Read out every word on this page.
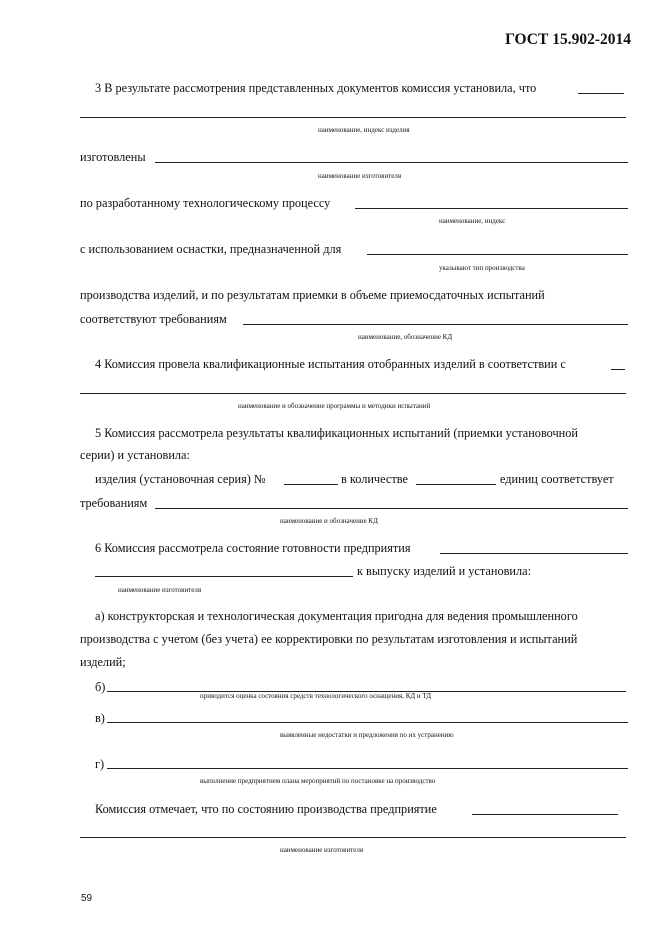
ГОСТ 15.902-2014
3 В результате рассмотрения представленных документов комиссия установила, что
наименование, индекс изделия
изготовлены
наименование изготовителя
по разработанному технологическому процессу
наименование, индекс
с использованием оснастки, предназначенной для
указывают тип производства
производства изделий, и по результатам приемки в объеме приемосдаточных испытаний
соответствуют требованиям
наименование, обозначение КД
4 Комиссия провела квалификационные испытания отобранных изделий в соответствии с
наименование и обозначение программы и методики испытаний
5 Комиссия рассмотрела результаты квалификационных испытаний (приемки установочной
серии) и установила:
изделия (установочная серия) №	в количестве	единиц соответствует
требованиям
наименование и обозначение КД
6 Комиссия рассмотрела состояние готовности предприятия
к выпуску изделий и установила:
наименование изготовителя
а) конструкторская и технологическая документация пригодна для ведения промышленного
производства с учетом (без учета) ее корректировки по результатам изготовления и испытаний
изделий;
б)
приводится оценка состояния средств технологического оснащения, КД и ТД
в)
выявленные недостатки и предложения по их устранению
г)
выполнение предприятием плана мероприятий по постановке на производство
Комиссия отмечает, что по состоянию производства предприятие
наименование изготовителя
59
